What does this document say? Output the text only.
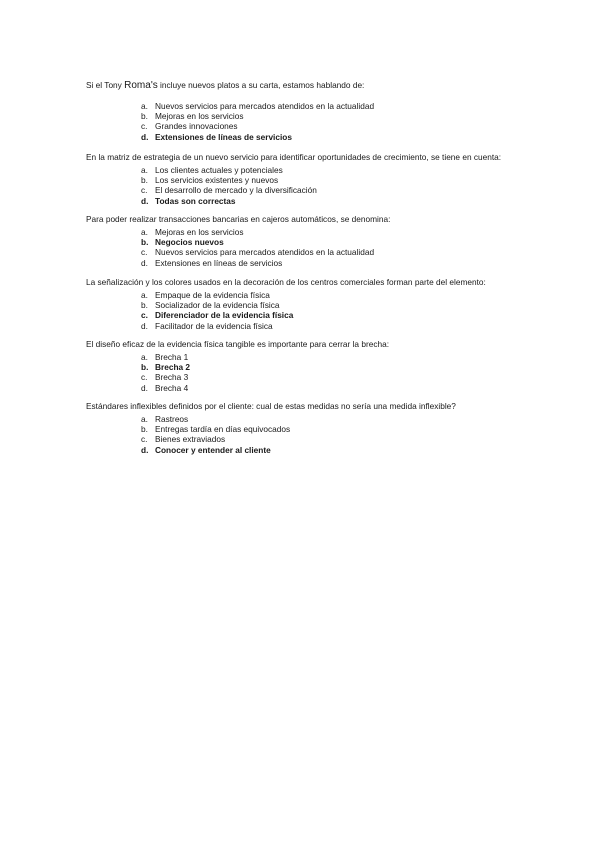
Si el Tony Roma's incluye nuevos platos a su carta, estamos hablando de:

a. Nuevos servicios para mercados atendidos en la actualidad
b. Mejoras en los servicios
c. Grandes innovaciones
d. Extensiones de líneas de servicios

En la matriz de estrategia de un nuevo servicio para identificar oportunidades de crecimiento, se tiene en cuenta:

a. Los clientes actuales y potenciales
b. Los servicios existentes y nuevos
c. El desarrollo de mercado y la diversificación
d. Todas son correctas

Para poder realizar transacciones bancarias en cajeros automáticos, se denomina:

a. Mejoras en los servicios
b. Negocios nuevos
c. Nuevos servicios para mercados atendidos en la actualidad
d. Extensiones en líneas de servicios

La señalización y los colores usados en la decoración de los centros comerciales forman parte del elemento:

a. Empaque de la evidencia física
b. Socializador de la evidencia física
c. Diferenciador de la evidencia física
d. Facilitador de la evidencia física

El diseño eficaz de la evidencia física tangible es importante para cerrar la brecha:

a. Brecha 1
b. Brecha 2
c. Brecha 3
d. Brecha 4

Estándares inflexibles definidos por el cliente: cual de estas medidas no sería una medida inflexible?

a. Rastreos
b. Entregas tardía en días equivocados
c. Bienes extraviados
d. Conocer y entender al cliente
